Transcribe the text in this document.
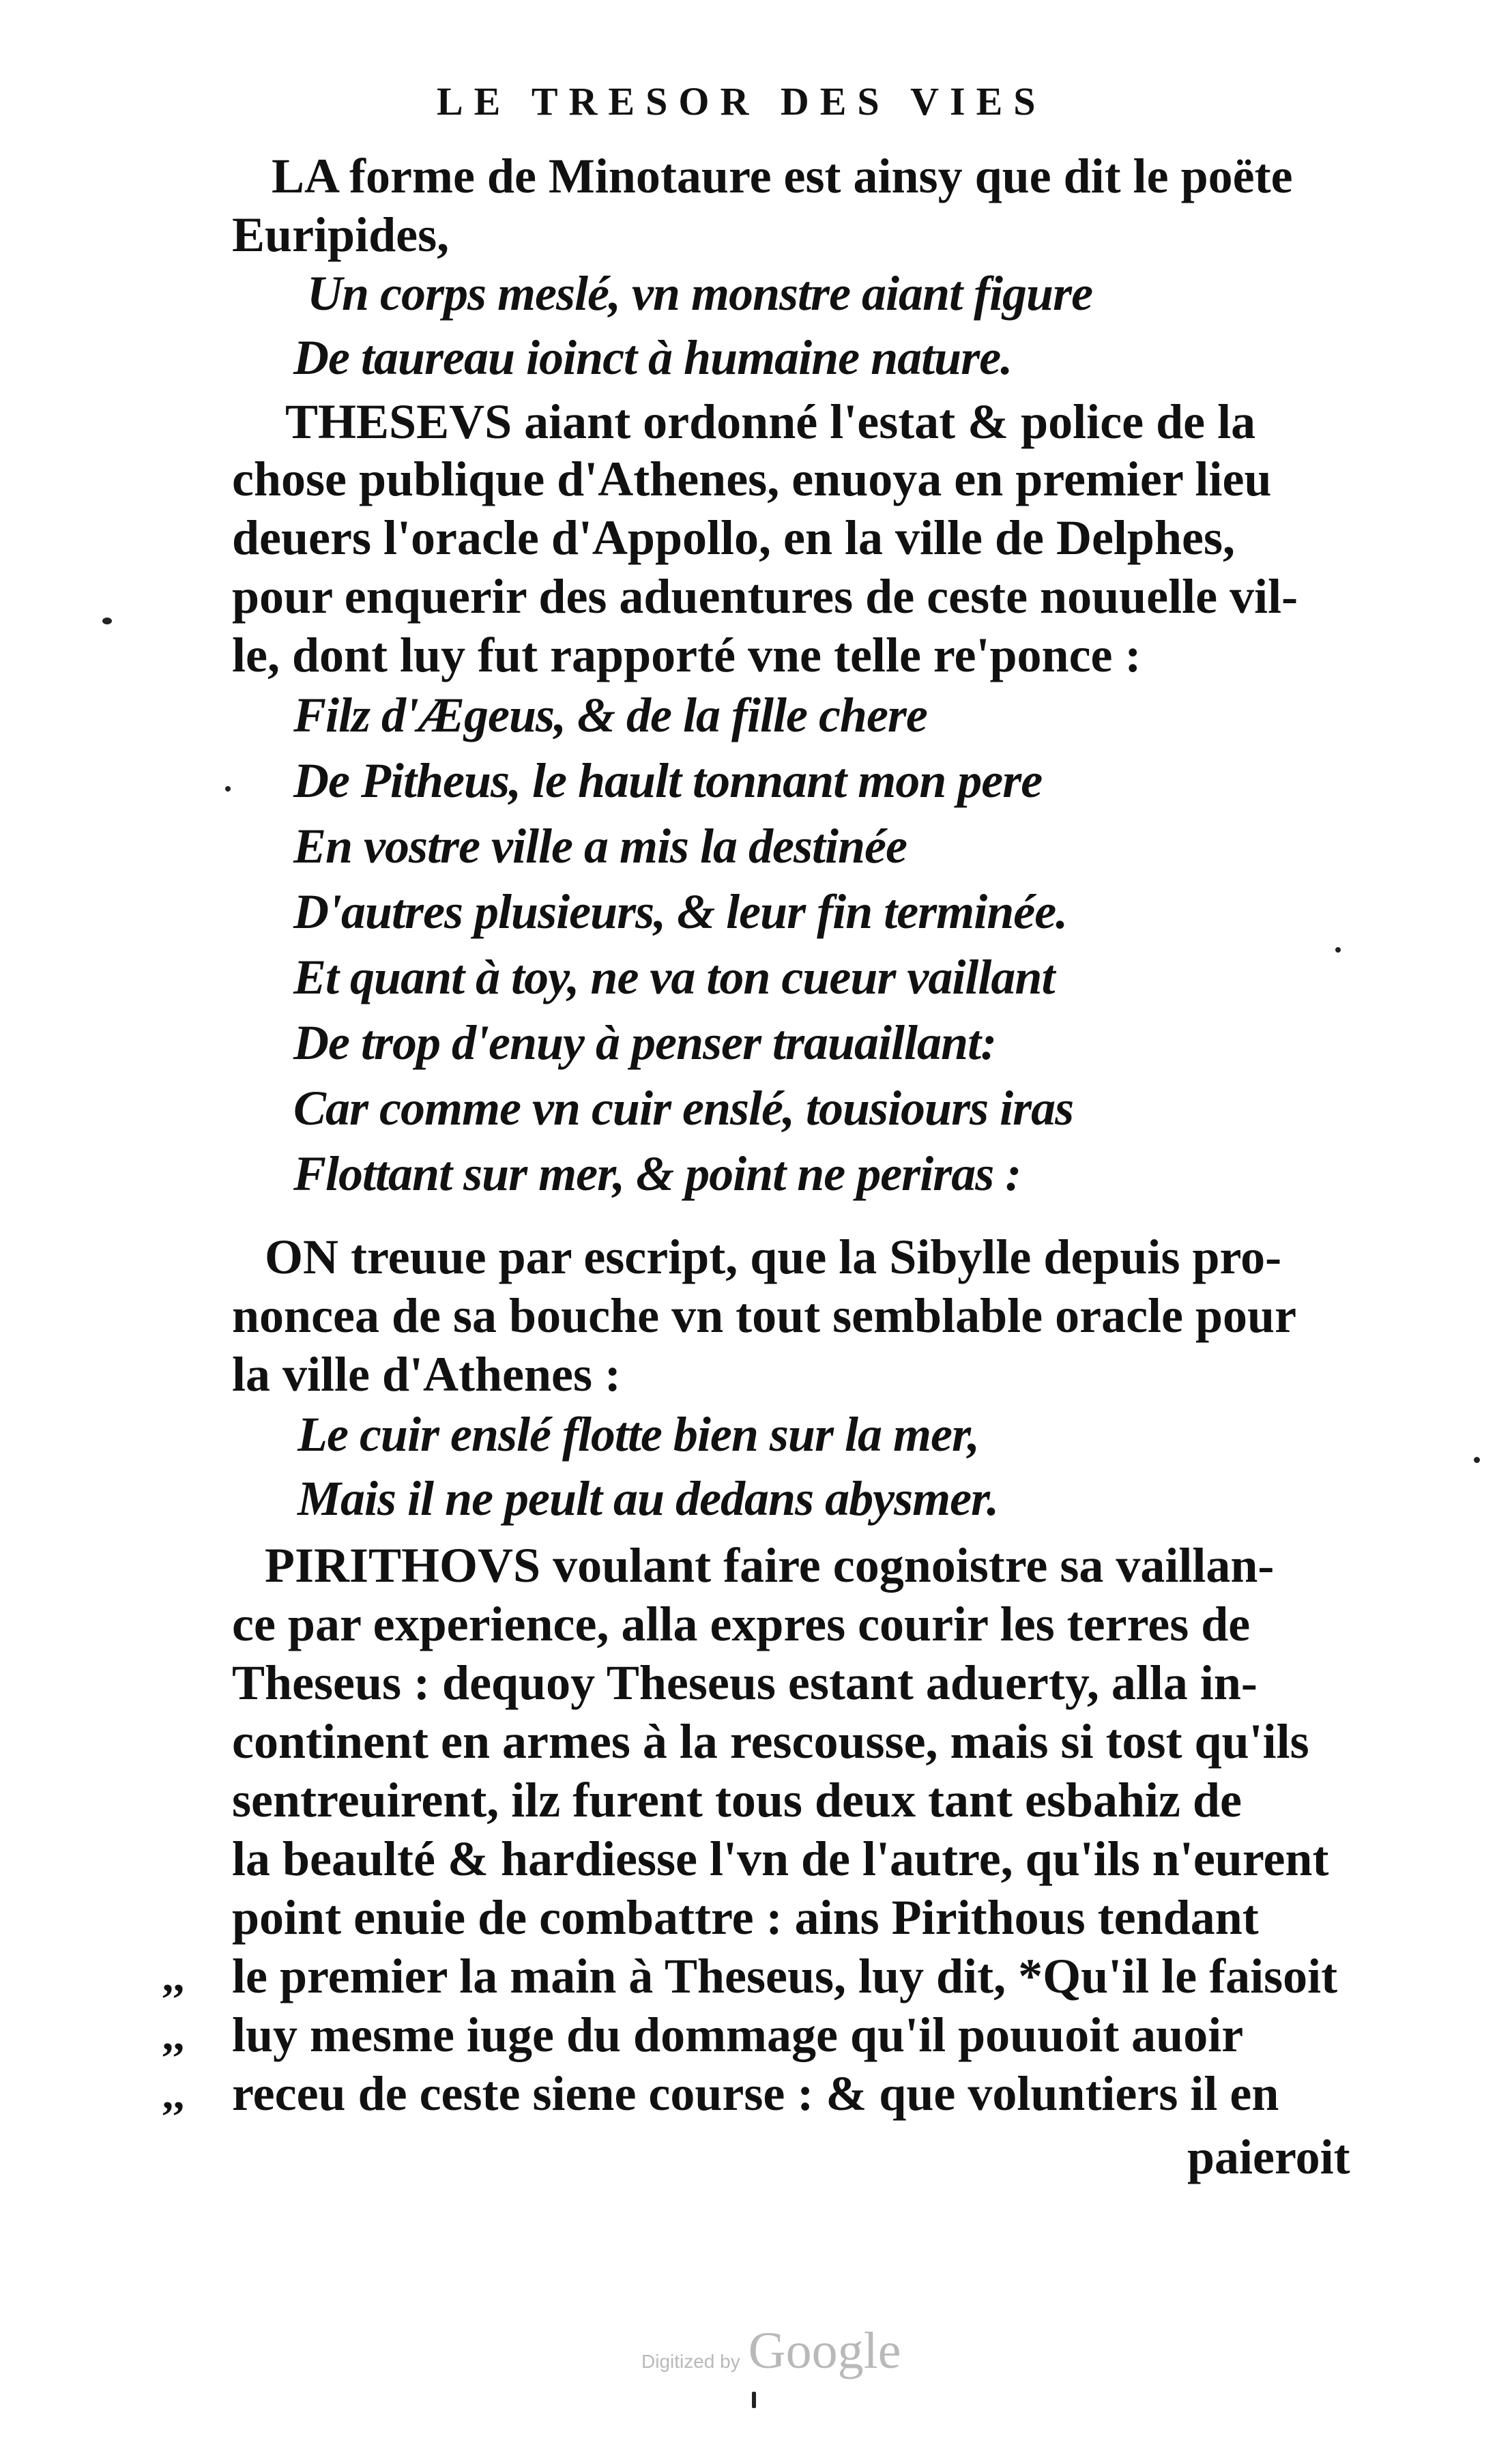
LE TRESOR DES VIES
LA forme de Minotaure est ainsy que dit le poëte
Euripides,
Un corps meslé, vn monstre aiant figure
De taureau ioinct à humaine nature.
THESEVS aiant ordonné l'estat & police de la
chose publique d'Athenes, enuoya en premier lieu
deuers l'oracle d'Appollo, en la ville de Delphes,
pour enquerir des aduentures de ceste nouuelle vil-
le, dont luy fut rapporté vne telle re'ponce :
Filz d'Ægeus, & de la fille chere
De Pitheus, le hault tonnant mon pere
En vostre ville a mis la destinée
D'autres plusieurs, & leur fin terminée.
Et quant à toy, ne va ton cueur vaillant
De trop d'enuy à penser trauaillant:
Car comme vn cuir enslé, tousiours iras
Flottant sur mer, & point ne periras :
ON treuue par escript, que la Sibylle depuis pro-
noncea de sa bouche vn tout semblable oracle pour
la ville d'Athenes :
Le cuir enslé flotte bien sur la mer,
Mais il ne peult au dedans abysmer.
PIRITHOVS voulant faire cognoistre sa vaillan-
ce par experience, alla expres courir les terres de
Theseus : dequoy Theseus estant aduerty, alla in-
continent en armes à la rescousse, mais si tost qu'ils
sentreuirent, ilz furent tous deux tant esbahiz de
la beaulté & hardiesse l'vn de l'autre, qu'ils n'eurent
point enuie de combattre : ains Pirithous tendant
le premier la main à Theseus, luy dit, *Qu'il le faisoit
luy mesme iuge du dommage qu'il pouuoit auoir
receu de ceste siene course : & que voluntiers il en
,,
,,
,,
paieroit
Digitized by Google
